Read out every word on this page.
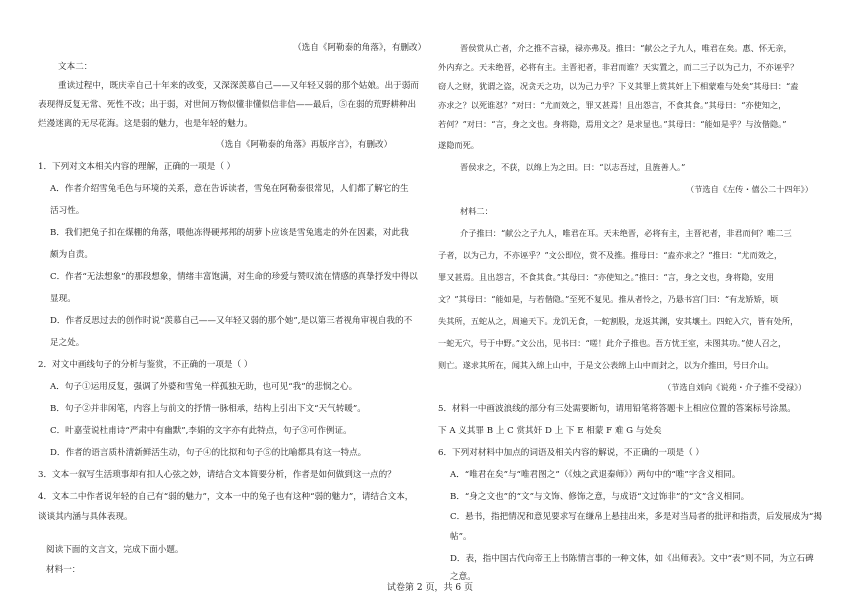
（选自《阿勒泰的角落》，有删改）
文本二：
重读过程中，既庆幸自己十年来的改变，又深深羡慕自己——又年轻又弱的那个姑娘。出于弱而
表现得反复无常、死性不改；出于弱，对世间万物似懂非懂似信非信——最后，⑤在弱的荒野耕种出
烂漫迷离的无尽花海。这是弱的魅力，也是年轻的魅力。
（选自《阿勒泰的角落》再版序言》，有删改）
1．下列对文本相关内容的理解，正确的一项是（ ）
A．作者介绍雪兔毛色与环境的关系，意在告诉读者，雪兔在阿勒泰很常见，人们都了解它的生
活习性。
B．我们把兔子扣在煤棚的角落，喂他冻得硬邦邦的胡萝卜应该是雪兔逃走的外在因素，对此我
颇为自责。
C．作者“无法想象”的那段想象，情绪丰富饱满，对生命的珍爱与赞叹流在情感的真挚抒发中得以
显现。
D．作者反思过去的创作时说“羡慕自己——又年轻又弱的那个她”,是以第三者视角审视自我的不
足之处。
2．对文中画线句子的分析与鉴赏，不正确的一项是（ ）
A．句子①运用反复，强调了外婆和雪兔一样孤独无助，也可见“我”的悲悯之心。
B．句子②并非闲笔，内容上与前文的抒情一脉相承，结构上引出下文“天气转暖”。
C．叶嘉莹说杜甫诗“严肃中有幽默”,李娟的文字亦有此特点，句子③可作例证。
D．作者的语言质朴清新鲜活生动，句子④的比拟和句子⑤的比喻都具有这一特点。
3．文本一叙写生活琐事却有扣人心弦之妙，请结合文本简要分析，作者是如何做到这一点的？
4．文本二中作者说年轻的自己有“弱的魅力”，文本一中的兔子也有这种“弱的魅力”，请结合文本，
谈谈其内涵与具体表现。
阅读下面的文言文，完成下面小题。
材料一：
晋侯赏从亡者，介之推不言禄，禄亦弗及。推曰：“献公之子九人，唯君在矣。惠、怀无亲，
外内弃之。天未绝晋，必将有主。主晋祀者，非君而谁？天实置之，而二三子以为己力，不亦诬乎？
窃人之财，犹谓之盗，况贪天之功，以为己力乎？下义其罪上赏其奸上下相蒙难与处矣”其母曰：“盍
亦求之？以死谁怼？”对曰：“尤而效之，罪又甚焉！且出怨言，不食其食。”其母曰：“亦使知之，
若何？”对曰：“言，身之文也。身将隐，焉用文之？是求显也。”其母曰：“能如是乎？与汝偕隐。”
遂隐而死。
晋侯求之，不获，以绵上为之田。曰：“以志吾过，且旌善人。”
（节选自《左传・僖公二十四年》）
材料二：
介子推曰：“献公之子九人，唯君在耳。天未绝晋，必将有主，主晋祀者，非君而何？唯二三
子者，以为己力，不亦诬乎？”文公即位，赏不及推。推母曰：“盍亦求之？”推曰：“尤而效之，
罪又甚焉。且出怨言，不食其食。”其母曰：“亦使知之。”推曰：“言，身之文也，身将隐，安用
文？”其母曰：“能如是，与若偕隐。”至死不复见。推从者怜之，乃悬书宫门曰：“有龙矫矫，顷
失其所，五蛇从之，周遍天下。龙饥无食，一蛇割股，龙返其渊，安其壤土。四蛇入穴，皆有处所，
一蛇无穴，号于中野。”文公出，见书曰：“嗟！此介子推也。吾方忧王室，未图其功。”使人召之，
则亡。遂求其所在，闻其入绵上山中，于是文公表绵上山中而封之，以为介推田，号曰介山。
（节选自刘向《说苑・介子推不受禄》）
5．材料一中画波浪线的部分有三处需要断句，请用铅笔将答题卡上相应位置的答案标号涂黑。
下 A 义其罪 B 上 C 赏其奸 D 上 下 E 相蒙 F 难 G 与处矣
6．下列对材料中加点的词语及相关内容的解说，不正确的一项是（ ）
A．“唯君在矣”与“唯君图之”（《烛之武退秦师》）两句中的“唯”字含义相同。
B．“身之文也”的“文”与文饰、修饰之意，与成语“文过饰非”的“文”含义相同。
C．悬书，指把情况和意见要求写在缣帛上悬挂出来，多是对当局者的批评和指责，后发展成为“揭
帖”。
D．表，指中国古代向帝王上书陈情言事的一种文体，如《出师表》。文中“表”则不同，为立石碑
之意。
试卷第 2 页，共 6 页
